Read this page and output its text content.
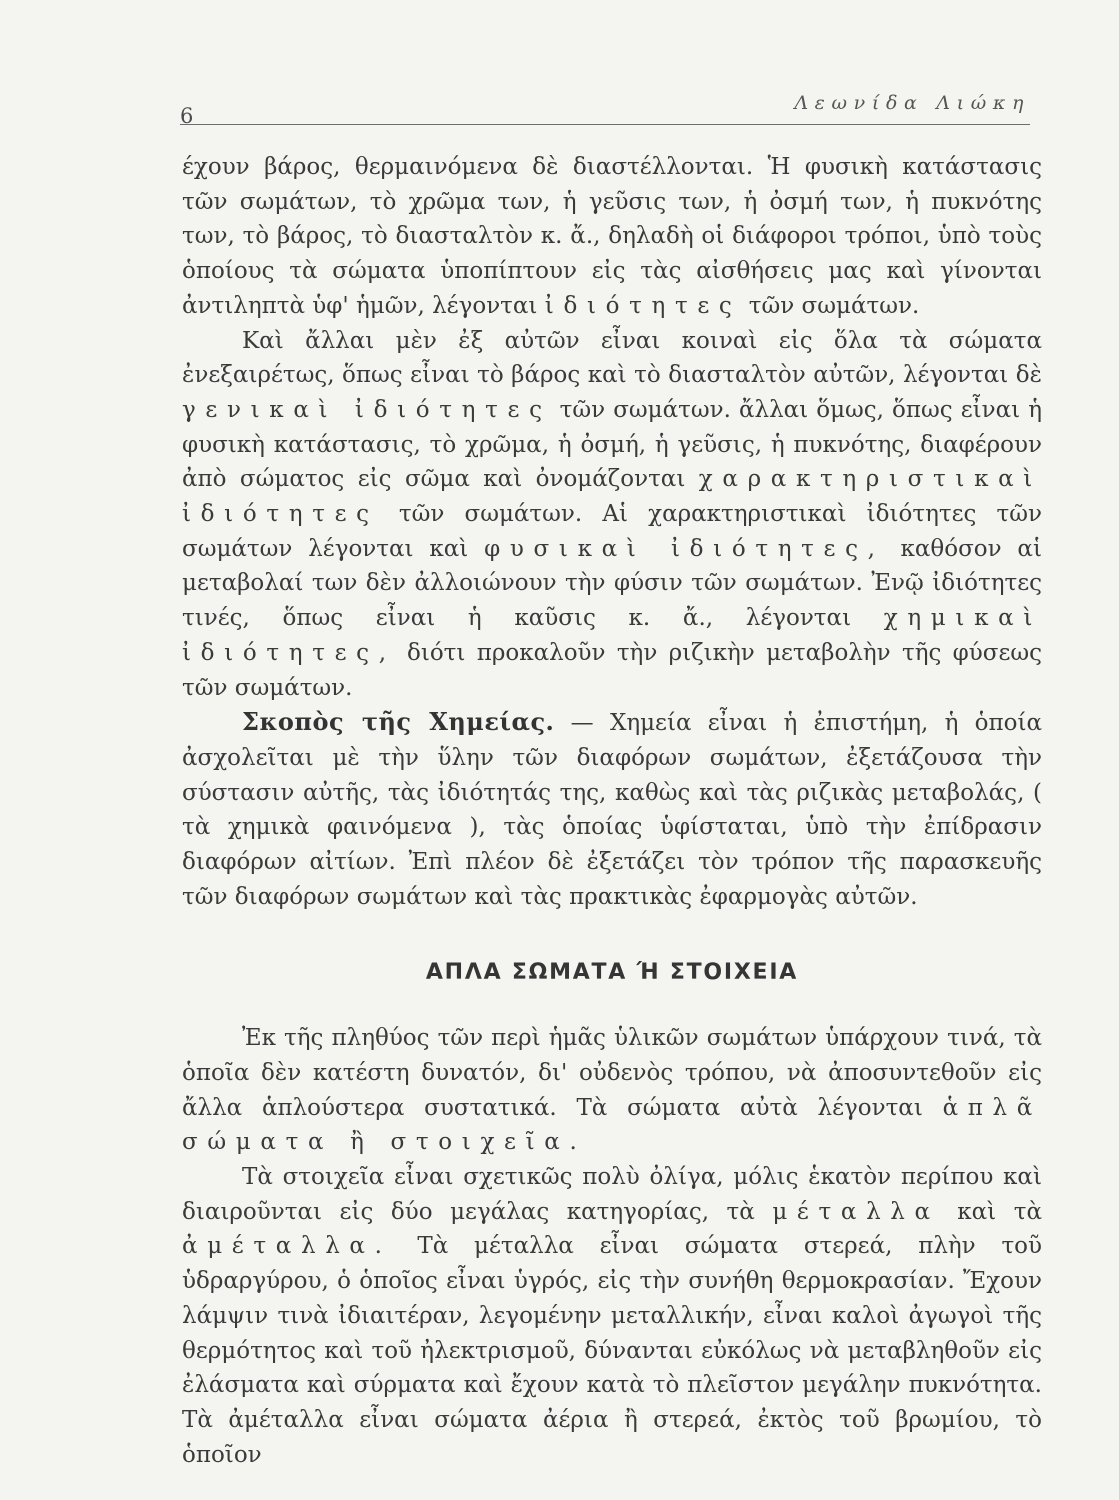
6
Λεωνίδα Λιώκη

έχουν βάρος, θερμαινόμενα δὲ διαστέλλονται. Ἡ φυσικὴ κατάστασις τῶν σωμάτων, τὸ χρῶμα των, ἡ γεῦσις των, ἡ ὀσμή των, ἡ πυκνότης των, τὸ βάρος, τὸ διασταλτὸν κ. ἄ., δηλαδὴ οἱ διάφοροι τρόποι, ὑπὸ τοὺς ὁποίους τὰ σώματα ὑποπίπτουν εἰς τὰς αἰσθήσεις μας καὶ γίνονται ἀντιληπτὰ ὑφ' ἡμῶν, λέγονται ἰδιότητες τῶν σωμάτων.

Καὶ ἄλλαι μὲν ἐξ αὐτῶν εἶναι κοιναὶ εἰς ὅλα τὰ σώματα ἐνεξαιρέτως, ὅπως εἶναι τὸ βάρος καὶ τὸ διασταλτὸν αὐτῶν, λέγονται δὲ γενικαὶ ἰδιότητες τῶν σωμάτων. ἄλλαι ὅμως, ὅπως εἶναι ἡ φυσικὴ κατάστασις, τὸ χρῶμα, ἡ ὀσμή, ἡ γεῦσις, ἡ πυκνότης, διαφέρουν ἀπὸ σώματος εἰς σῶμα καὶ ὀνομάζονται χαρακτηριστικαὶ ἰδιότητες τῶν σωμάτων. Αἱ χαρακτηριστικαὶ ἰδιότητες τῶν σωμάτων λέγονται καὶ φυσικαὶ ἰδιότητες, καθόσον αἱ μεταβολαί των δὲν ἀλλοιώνουν τὴν φύσιν τῶν σωμάτων. Ἐνῷ ἰδιότητες τινές, ὅπως εἶναι ἡ καῦσις κ. ἄ., λέγονται χημικαὶ ἰδιότητες, διότι προκαλοῦν τὴν ριζικὴν μεταβολὴν τῆς φύσεως τῶν σωμάτων.

Σκοπὸς τῆς Χημείας. — Χημεία εἶναι ἡ ἐπιστήμη, ἡ ὁποία ἀσχολεῖται μὲ τὴν ὕλην τῶν διαφόρων σωμάτων, ἐξετάζουσα τὴν σύστασιν αὐτῆς, τὰς ἰδιότητάς της, καθὼς καὶ τὰς ριζικὰς μεταβολάς, ( τὰ χημικὰ φαινόμενα ), τὰς ὁποίας ὑφίσταται, ὑπὸ τὴν ἐπίδρασιν διαφόρων αἰτίων. Ἐπὶ πλέον δὲ ἐξετάζει τὸν τρόπον τῆς παρασκευῆς τῶν διαφόρων σωμάτων καὶ τὰς πρακτικὰς ἐφαρμογὰς αὐτῶν.

ΑΠΛΑ ΣΩΜΑΤΑ Ή ΣΤΟΙΧΕΙΑ

Ἐκ τῆς πληθύος τῶν περὶ ἡμᾶς ὑλικῶν σωμάτων ὑπάρχουν τινά, τὰ ὁποῖα δὲν κατέστη δυνατόν, δι' οὐδενὸς τρόπου, νὰ ἀποσυντεθοῦν εἰς ἄλλα ἁπλούστερα συστατικά. Τὰ σώματα αὐτὰ λέγονται ἁπλᾶ σώματα ἢ στοιχεῖα.

Τὰ στοιχεῖα εἶναι σχετικῶς πολὺ ὀλίγα, μόλις ἑκατὸν περίπου καὶ διαιροῦνται εἰς δύο μεγάλας κατηγορίας, τὰ μέταλλα καὶ τὰ ἀμέταλλα. Τὰ μέταλλα εἶναι σώματα στερεά, πλὴν τοῦ ὑδραργύρου, ὁ ὁποῖος εἶναι ὑγρός, εἰς τὴν συνήθη θερμοκρασίαν. Ἔχουν λάμψιν τινὰ ἰδιαιτέραν, λεγομένην μεταλλικήν, εἶναι καλοὶ ἀγωγοὶ τῆς θερμότητος καὶ τοῦ ἠλεκτρισμοῦ, δύνανται εὐκόλως νὰ μεταβληθοῦν εἰς ἐλάσματα καὶ σύρματα καὶ ἔχουν κατὰ τὸ πλεῖστον μεγάλην πυκνότητα. Τὰ ἀμέταλλα εἶναι σώματα ἀέρια ἢ στερεά, ἐκτὸς τοῦ βρωμίου, τὸ ὁποῖον
